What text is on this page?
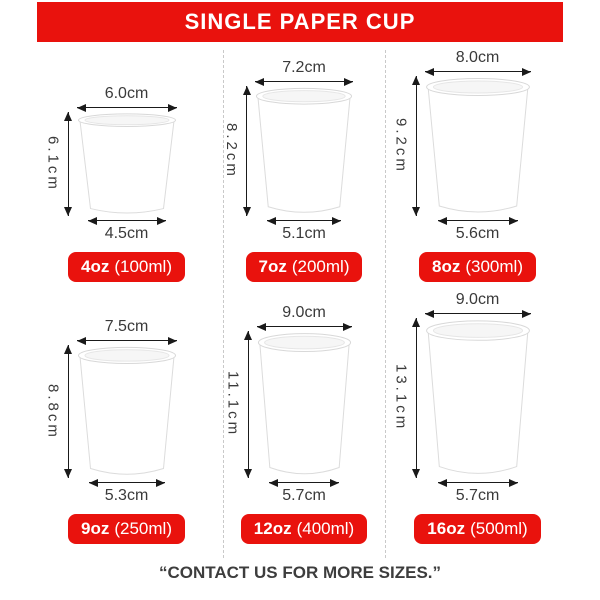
SINGLE PAPER CUP
6.0cm
6.1cm
4.5cm
4oz (100ml)
7.2cm
8.2cm
5.1cm
7oz (200ml)
8.0cm
9.2cm
5.6cm
8oz (300ml)
7.5cm
8.8cm
5.3cm
9oz (250ml)
9.0cm
11.1cm
5.7cm
12oz (400ml)
9.0cm
13.1cm
5.7cm
16oz (500ml)
“CONTACT US FOR MORE SIZES.”
